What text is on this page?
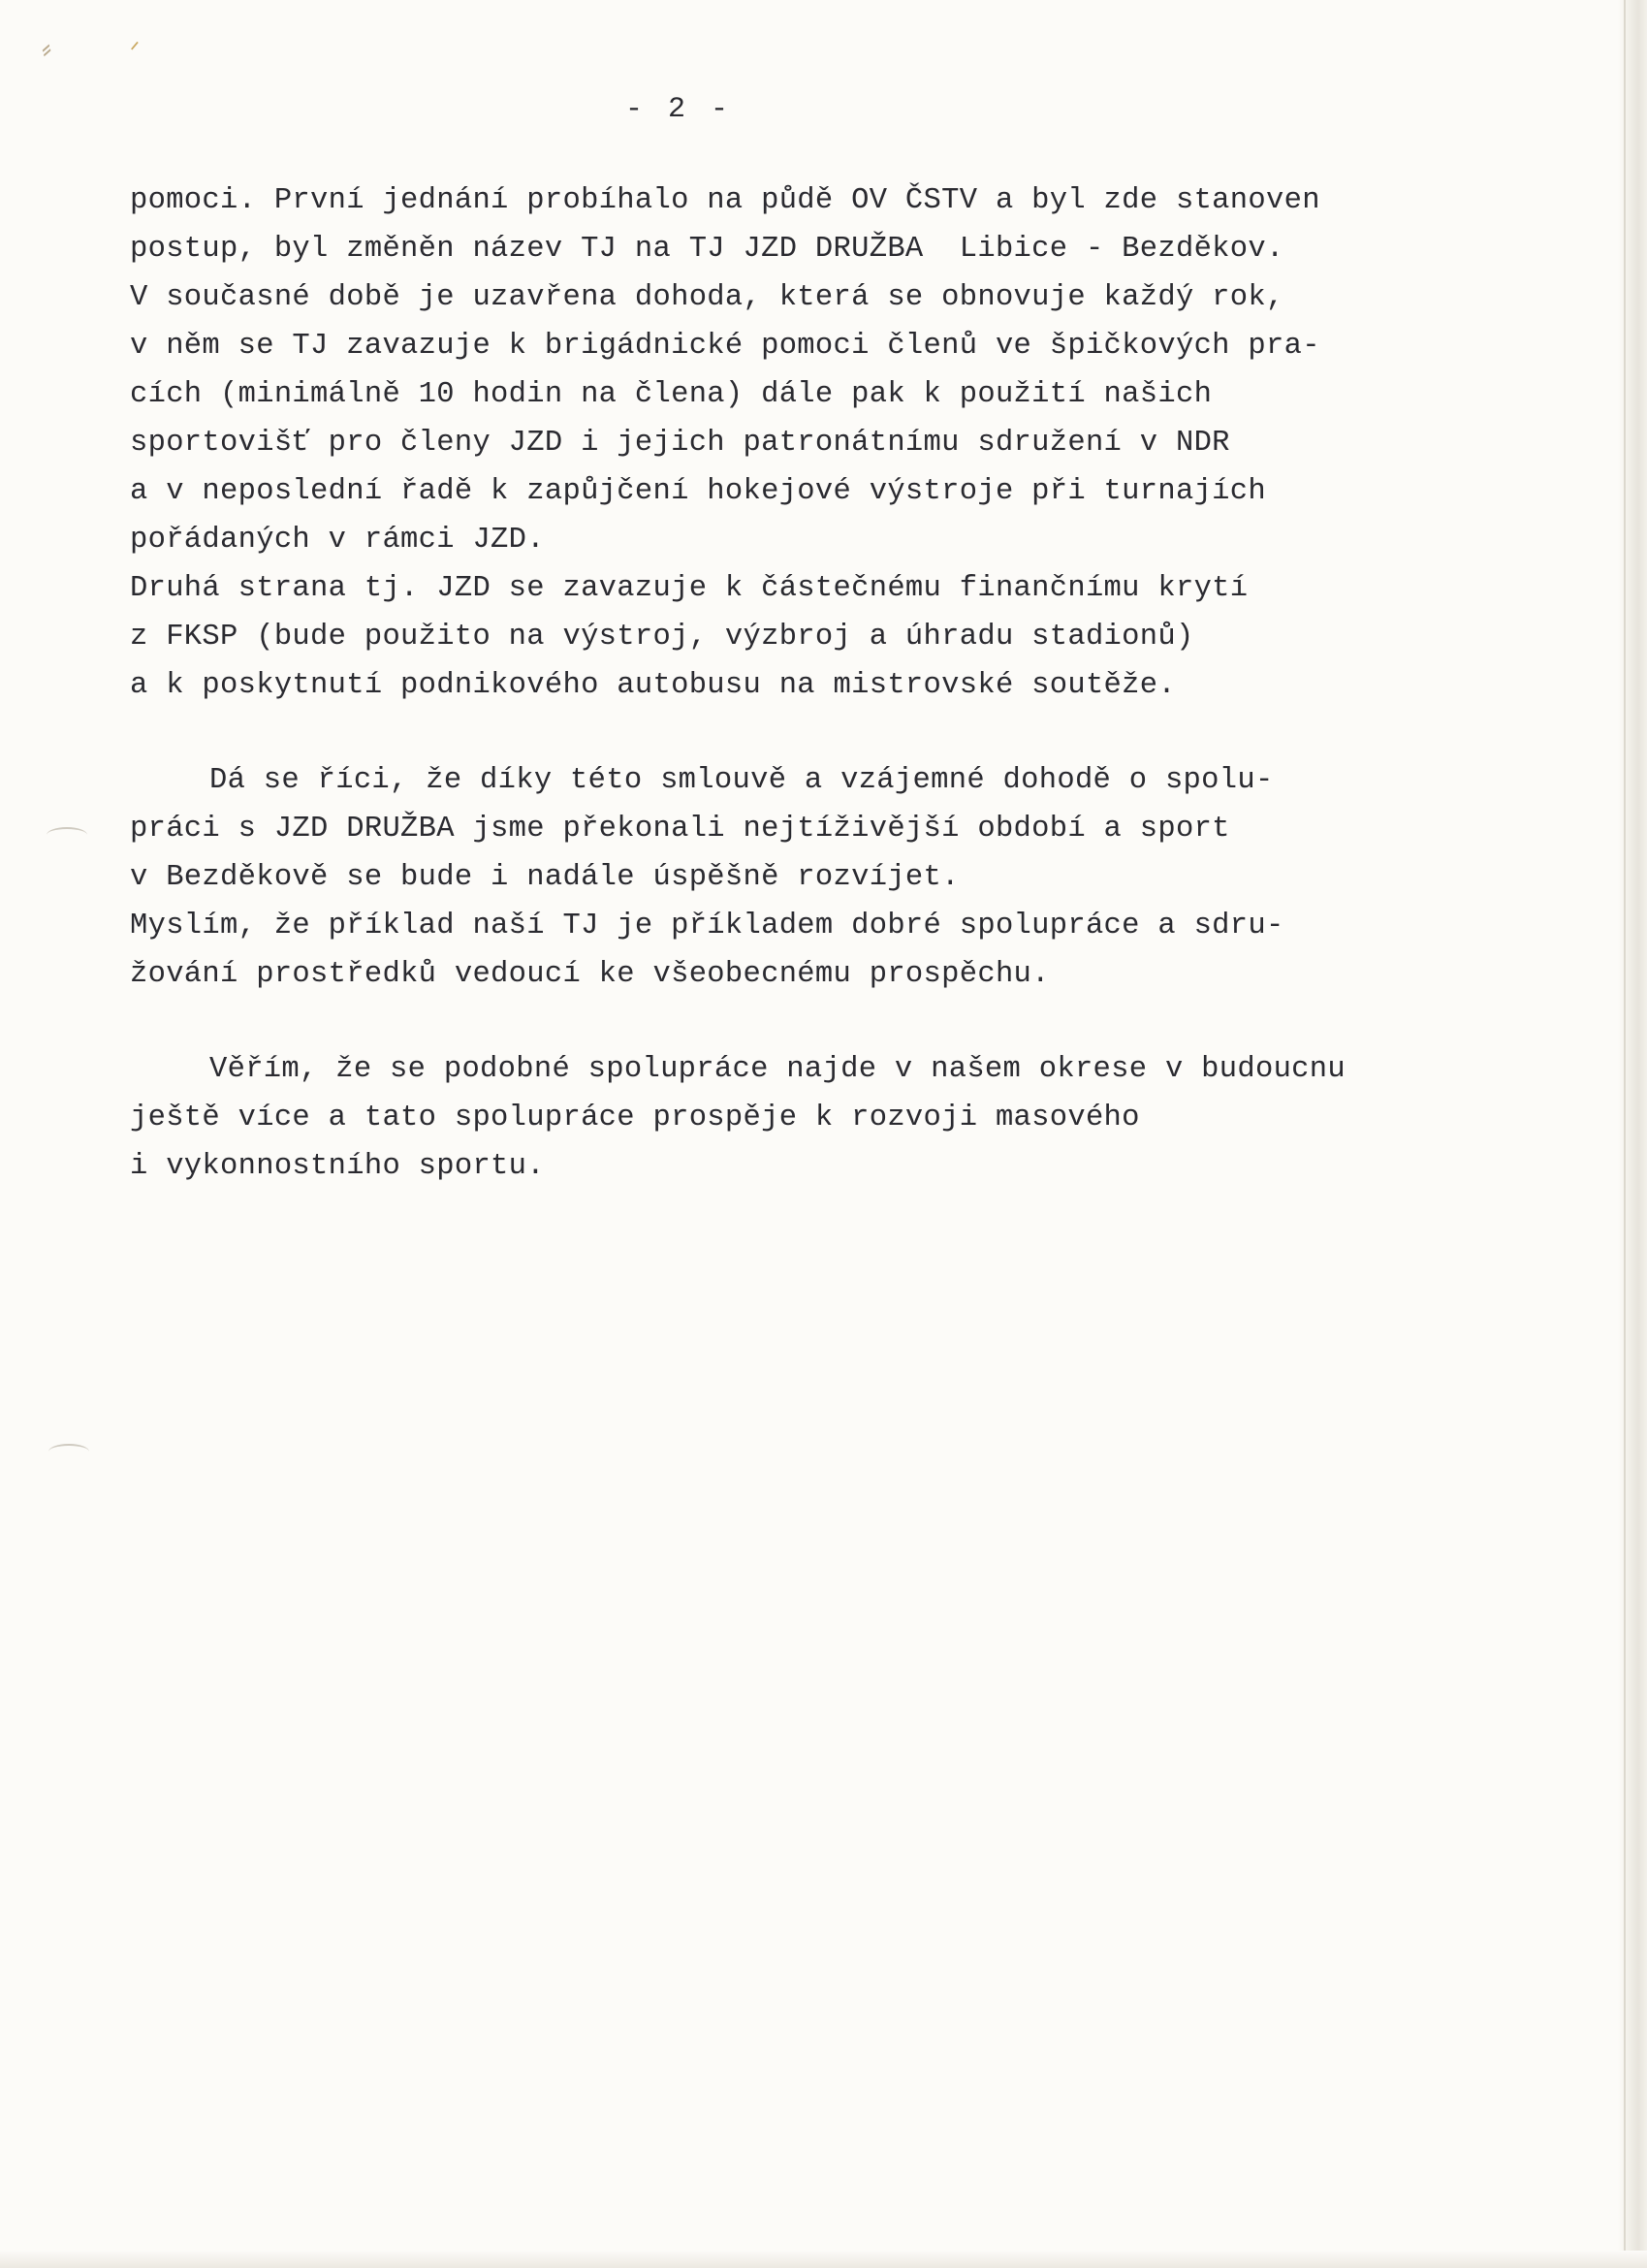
⸗	ᐟ
- 2 -
pomoci. První jednání probíhalo na půdě OV ČSTV a byl zde stanoven
postup, byl změněn název TJ na TJ JZD DRUŽBA  Libice - Bezděkov.
V současné době je uzavřena dohoda, která se obnovuje každý rok,
v něm se TJ zavazuje k brigádnické pomoci členů ve špičkových pra-
cích (minimálně 10 hodin na člena) dále pak k použití našich
sportovišť pro členy JZD i jejich patronátnímu sdružení v NDR
a v neposlední řadě k zapůjčení hokejové výstroje při turnajích
pořádaných v rámci JZD.
Druhá strana tj. JZD se zavazuje k částečnému finančnímu krytí
z FKSP (bude použito na výstroj, výzbroj a úhradu stadionů)
a k poskytnutí podnikového autobusu na mistrovské soutěže.
Dá se říci, že díky této smlouvě a vzájemné dohodě o spolu-
práci s JZD DRUŽBA jsme překonali nejtíživější období a sport
v Bezděkově se bude i nadále úspěšně rozvíjet.
Myslím, že příklad naší TJ je příkladem dobré spolupráce a sdru-
žování prostředků vedoucí ke všeobecnému prospěchu.
Věřím, že se podobné spolupráce najde v našem okrese v budoucnu
ještě více a tato spolupráce prospěje k rozvoji masového
i vykonnostního sportu.
